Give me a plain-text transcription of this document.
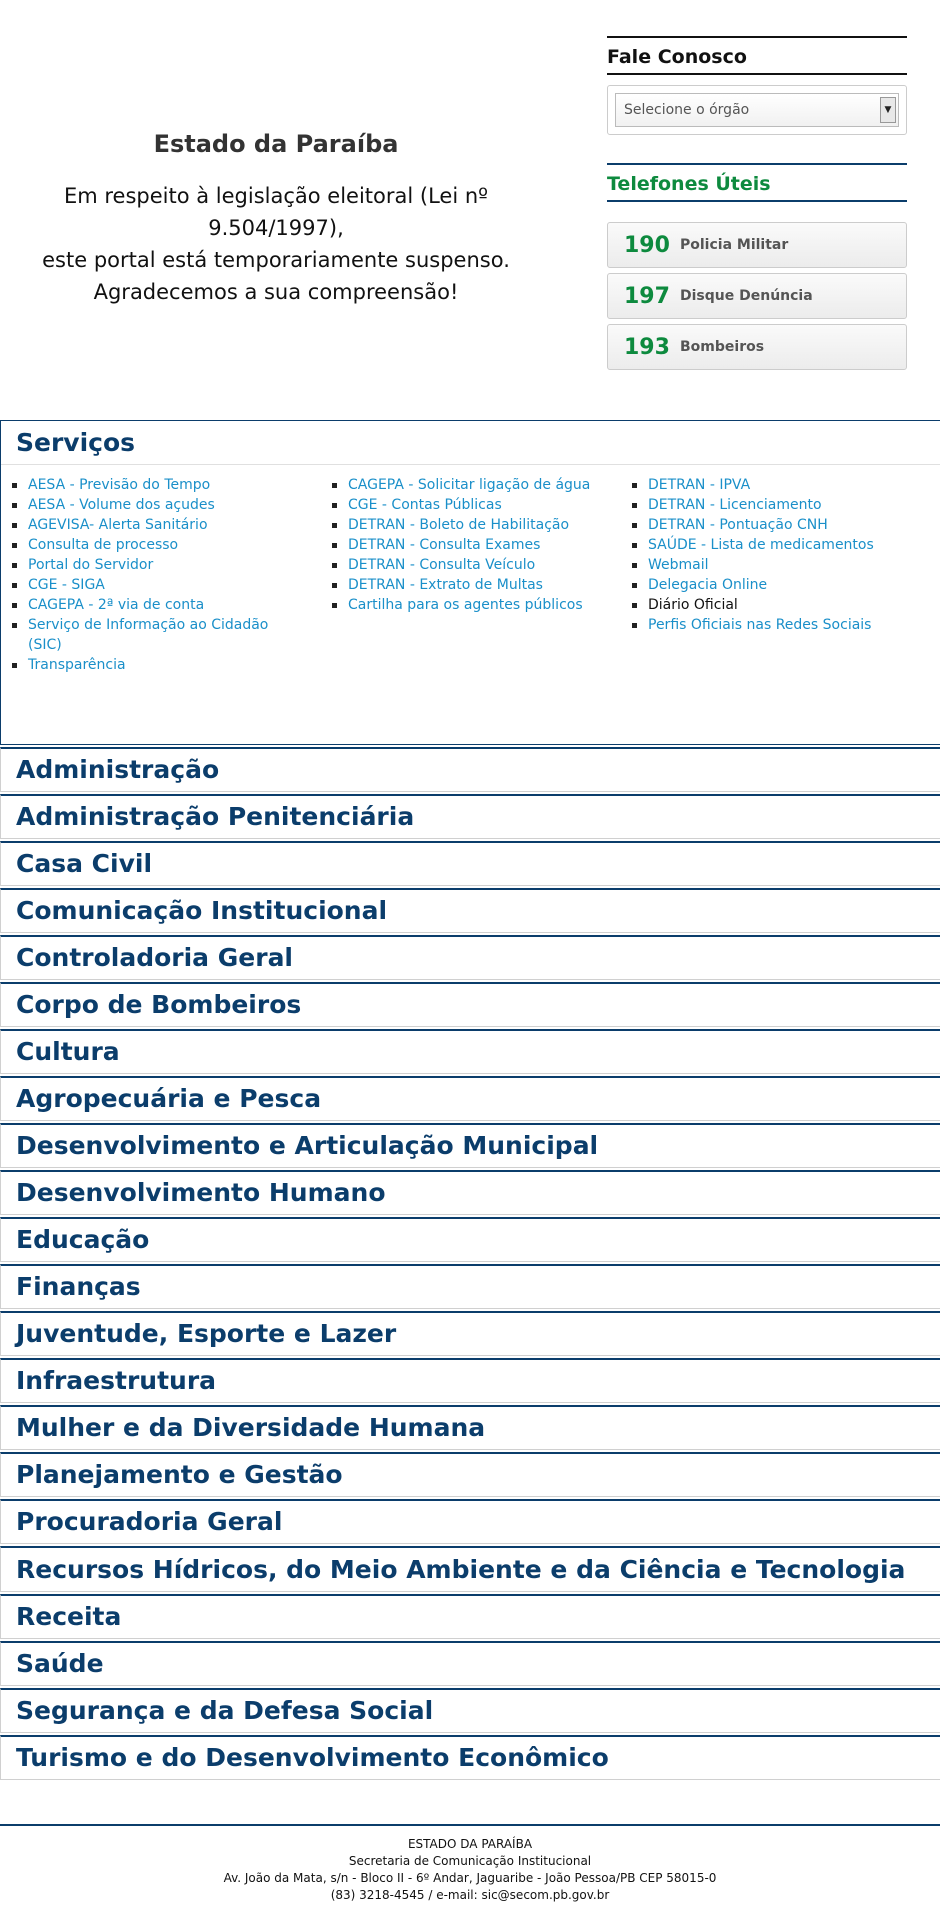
Estado da Paraíba
Em respeito à legislação eleitoral (Lei nº 9.504/1997),
este portal está temporariamente suspenso.
Agradecemos a sua compreensão!
Fale Conosco
Selecione o órgão	▼
Telefones Úteis
190 Policia Militar
197 Disque Denúncia
193 Bombeiros
Serviços
AESA - Previsão do Tempo
AESA - Volume dos açudes
AGEVISA- Alerta Sanitário
Consulta de processo
Portal do Servidor
CGE - SIGA
CAGEPA - 2ª via de conta
Serviço de Informação ao Cidadão (SIC)
Transparência
CAGEPA - Solicitar ligação de água
CGE - Contas Públicas
DETRAN - Boleto de Habilitação
DETRAN - Consulta Exames
DETRAN - Consulta Veículo
DETRAN - Extrato de Multas
Cartilha para os agentes públicos
DETRAN - IPVA
DETRAN - Licenciamento
DETRAN - Pontuação CNH
SAÚDE - Lista de medicamentos
Webmail
Delegacia Online
Diário Oficial
Perfis Oficiais nas Redes Sociais
Administração
Administração Penitenciária
Casa Civil
Comunicação Institucional
Controladoria Geral
Corpo de Bombeiros
Cultura
Agropecuária e Pesca
Desenvolvimento e Articulação Municipal
Desenvolvimento Humano
Educação
Finanças
Juventude, Esporte e Lazer
Infraestrutura
Mulher e da Diversidade Humana
Planejamento e Gestão
Procuradoria Geral
Recursos Hídricos, do Meio Ambiente e da Ciência e Tecnologia
Receita
Saúde
Segurança e da Defesa Social
Turismo e do Desenvolvimento Econômico
ESTADO DA PARAÍBA
Secretaria de Comunicação Institucional
Av. João da Mata, s/n - Bloco II - 6º Andar, Jaguaribe - João Pessoa/PB CEP 58015-0
(83) 3218-4545 / e-mail: sic@secom.pb.gov.br
